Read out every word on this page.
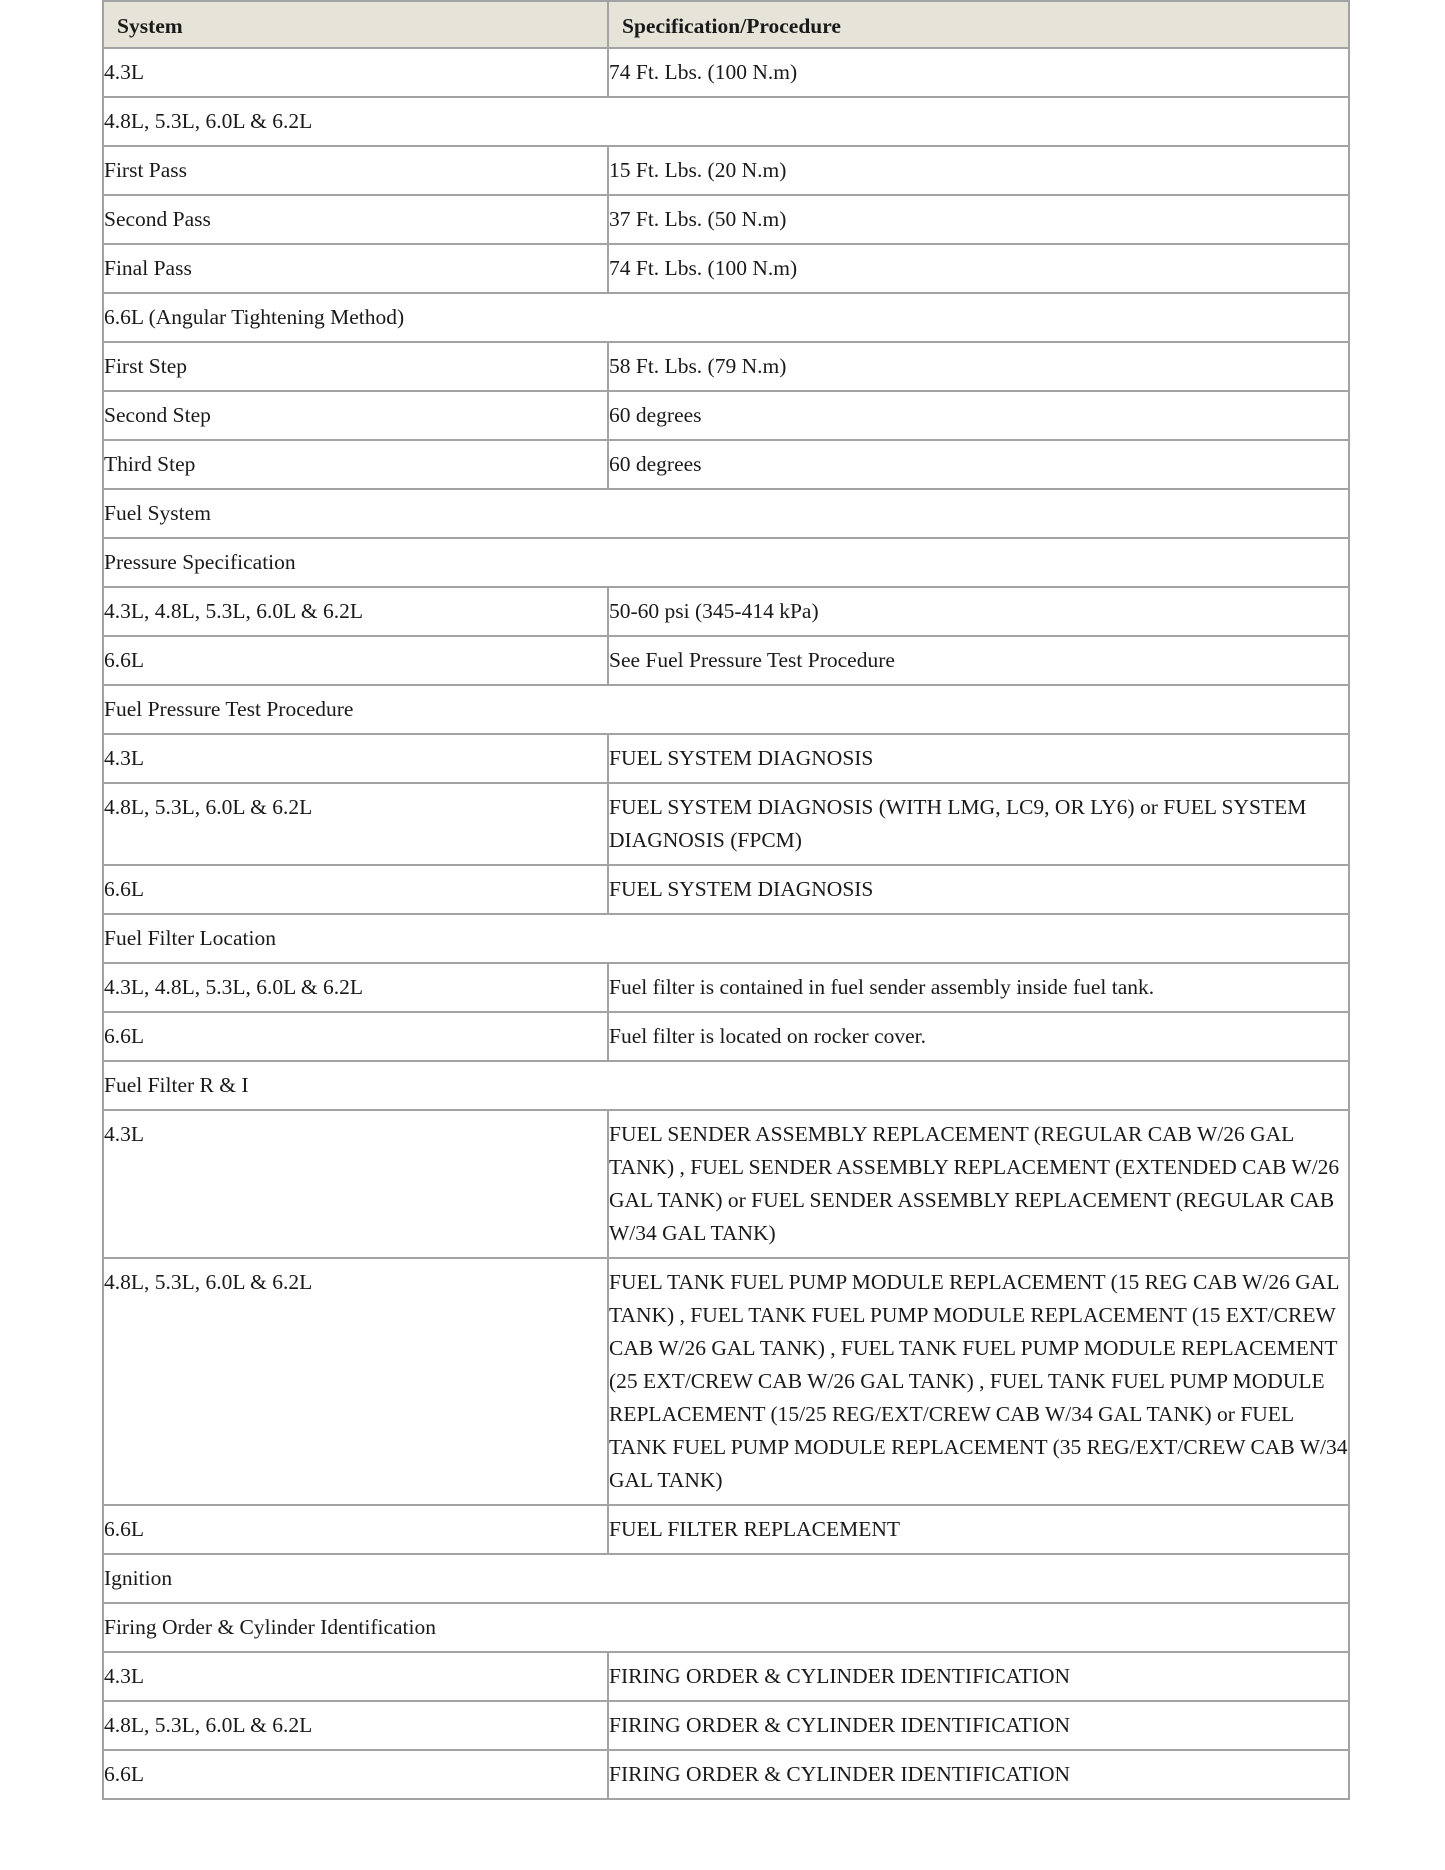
System	Specification/Procedure
4.3L	74 Ft. Lbs. (100 N.m)
4.8L, 5.3L, 6.0L & 6.2L	
First Pass	15 Ft. Lbs. (20 N.m)
Second Pass	37 Ft. Lbs. (50 N.m)
Final Pass	74 Ft. Lbs. (100 N.m)
6.6L (Angular Tightening Method)	
First Step	58 Ft. Lbs. (79 N.m)
Second Step	60 degrees
Third Step	60 degrees
Fuel System	
Pressure Specification	
4.3L, 4.8L, 5.3L, 6.0L & 6.2L	50-60 psi (345-414 kPa)
6.6L	See Fuel Pressure Test Procedure
Fuel Pressure Test Procedure	
4.3L	FUEL SYSTEM DIAGNOSIS
4.8L, 5.3L, 6.0L & 6.2L	FUEL SYSTEM DIAGNOSIS (WITH LMG, LC9, OR LY6) or FUEL SYSTEM DIAGNOSIS (FPCM)
6.6L	FUEL SYSTEM DIAGNOSIS
Fuel Filter Location	
4.3L, 4.8L, 5.3L, 6.0L & 6.2L	Fuel filter is contained in fuel sender assembly inside fuel tank.
6.6L	Fuel filter is located on rocker cover.
Fuel Filter R & I	
4.3L	FUEL SENDER ASSEMBLY REPLACEMENT (REGULAR CAB W/26 GAL TANK) , FUEL SENDER ASSEMBLY REPLACEMENT (EXTENDED CAB W/26 GAL TANK) or FUEL SENDER ASSEMBLY REPLACEMENT (REGULAR CAB W/34 GAL TANK)
4.8L, 5.3L, 6.0L & 6.2L	FUEL TANK FUEL PUMP MODULE REPLACEMENT (15 REG CAB W/26 GAL TANK) , FUEL TANK FUEL PUMP MODULE REPLACEMENT (15 EXT/CREW CAB W/26 GAL TANK) , FUEL TANK FUEL PUMP MODULE REPLACEMENT (25 EXT/CREW CAB W/26 GAL TANK) , FUEL TANK FUEL PUMP MODULE REPLACEMENT (15/25 REG/EXT/CREW CAB W/34 GAL TANK) or FUEL TANK FUEL PUMP MODULE REPLACEMENT (35 REG/EXT/CREW CAB W/34 GAL TANK)
6.6L	FUEL FILTER REPLACEMENT
Ignition	
Firing Order & Cylinder Identification	
4.3L	FIRING ORDER & CYLINDER IDENTIFICATION
4.8L, 5.3L, 6.0L & 6.2L	FIRING ORDER & CYLINDER IDENTIFICATION
6.6L	FIRING ORDER & CYLINDER IDENTIFICATION
